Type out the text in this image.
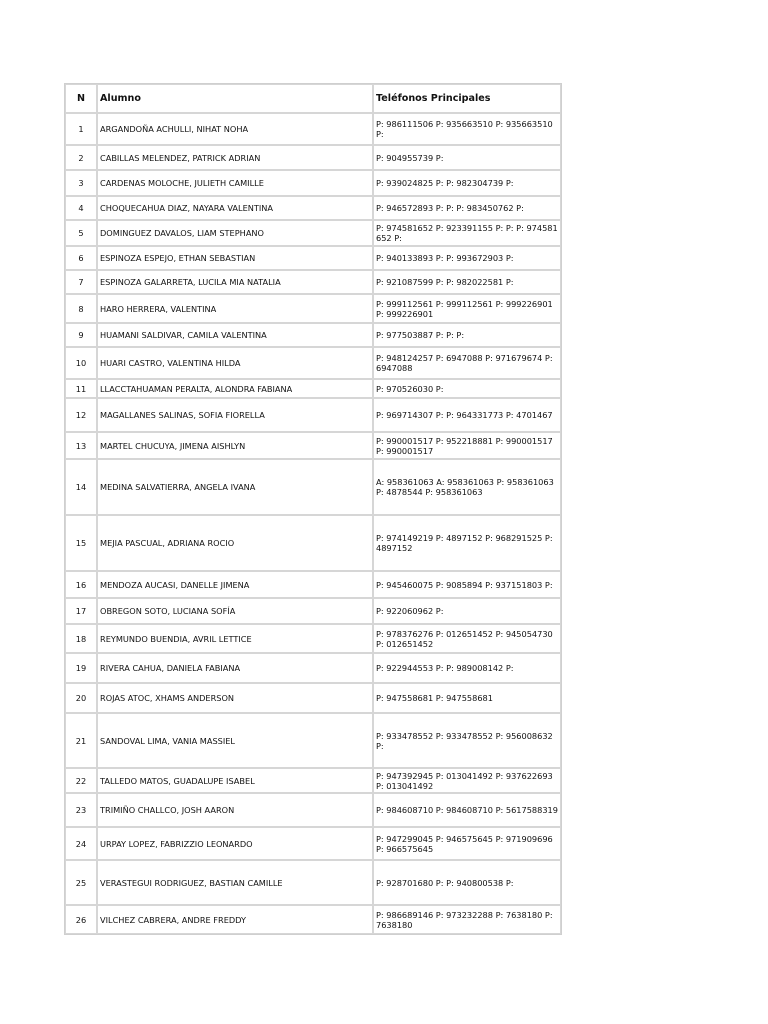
N	Alumno	Teléfonos Principales
1	ARGANDOÑA ACHULLI, NIHAT NOHA	P: 986111506 P: 935663510 P: 935663510 P:
2	CABILLAS MELENDEZ, PATRICK ADRIAN	P: 904955739 P:
3	CARDENAS MOLOCHE, JULIETH CAMILLE	P: 939024825 P: P: 982304739 P:
4	CHOQUECAHUA DIAZ, NAYARA VALENTINA	P: 946572893 P: P: P: 983450762 P:
5	DOMINGUEZ DAVALOS, LIAM STEPHANO	P: 974581652 P: 923391155 P: P: P: 974581652 P:
6	ESPINOZA ESPEJO, ETHAN SEBASTIAN	P: 940133893 P: P: 993672903 P:
7	ESPINOZA GALARRETA, LUCILA MIA NATALIA	P: 921087599 P: P: 982022581 P:
8	HARO HERRERA, VALENTINA	P: 999112561 P: 999112561 P: 999226901 P: 999226901
9	HUAMANI SALDIVAR, CAMILA VALENTINA	P: 977503887 P: P: P:
10	HUARI CASTRO, VALENTINA HILDA	P: 948124257 P: 6947088 P: 971679674 P: 6947088
11	LLACCTAHUAMAN PERALTA, ALONDRA FABIANA	P: 970526030 P:
12	MAGALLANES SALINAS, SOFIA FIORELLA	P: 969714307 P: P: 964331773 P: 4701467
13	MARTEL CHUCUYA, JIMENA AISHLYN	P: 990001517 P: 952218881 P: 990001517 P: 990001517
14	MEDINA SALVATIERRA, ANGELA IVANA	A: 958361063 A: 958361063 P: 958361063 P: 4878544 P: 958361063
15	MEJIA PASCUAL, ADRIANA ROCIO	P: 974149219 P: 4897152 P: 968291525 P: 4897152
16	MENDOZA AUCASI, DANELLE JIMENA	P: 945460075 P: 9085894 P: 937151803 P:
17	OBREGON SOTO, LUCIANA SOFÍA	P: 922060962 P:
18	REYMUNDO BUENDIA, AVRIL LETTICE	P: 978376276 P: 012651452 P: 945054730 P: 012651452
19	RIVERA CAHUA, DANIELA FABIANA	P: 922944553 P: P: 989008142 P:
20	ROJAS ATOC, XHAMS ANDERSON	P: 947558681 P: 947558681
21	SANDOVAL LIMA, VANIA MASSIEL	P: 933478552 P: 933478552 P: 956008632 P:
22	TALLEDO MATOS, GUADALUPE ISABEL	P: 947392945 P: 013041492 P: 937622693 P: 013041492
23	TRIMIÑO CHALLCO, JOSH AARON	P: 984608710 P: 984608710 P: 5617588319
24	URPAY LOPEZ, FABRIZZIO LEONARDO	P: 947299045 P: 946575645 P: 971909696 P: 966575645
25	VERASTEGUI RODRIGUEZ, BASTIAN CAMILLE	P: 928701680 P: P: 940800538 P:
26	VILCHEZ CABRERA, ANDRE FREDDY	P: 986689146 P: 973232288 P: 7638180 P: 7638180
